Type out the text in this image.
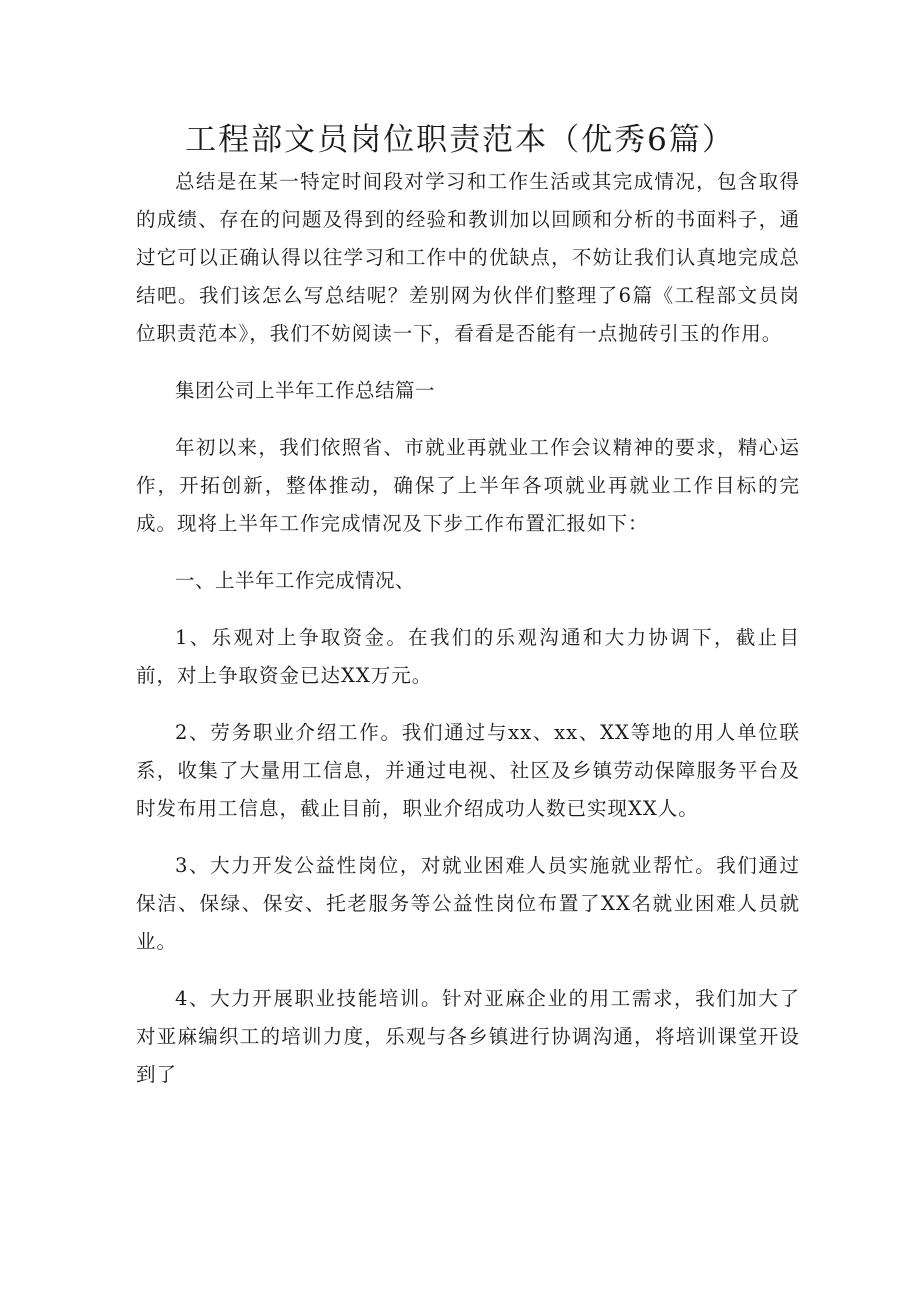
工程部文员岗位职责范本（优秀6篇）

总结是在某一特定时间段对学习和工作生活或其完成情况，包含取得的成绩、存在的问题及得到的经验和教训加以回顾和分析的书面料子，通过它可以正确认得以往学习和工作中的优缺点，不妨让我们认真地完成总结吧。我们该怎么写总结呢？差别网为伙伴们整理了6篇《工程部文员岗位职责范本》，我们不妨阅读一下，看看是否能有一点抛砖引玉的作用。

集团公司上半年工作总结篇一

年初以来，我们依照省、市就业再就业工作会议精神的要求，精心运作，开拓创新，整体推动，确保了上半年各项就业再就业工作目标的完成。现将上半年工作完成情况及下步工作布置汇报如下：

一、上半年工作完成情况、

1、乐观对上争取资金。在我们的乐观沟通和大力协调下，截止目前，对上争取资金已达XX万元。

2、劳务职业介绍工作。我们通过与xx、xx、XX等地的用人单位联系，收集了大量用工信息，并通过电视、社区及乡镇劳动保障服务平台及时发布用工信息，截止目前，职业介绍成功人数已实现XX人。

3、大力开发公益性岗位，对就业困难人员实施就业帮忙。我们通过保洁、保绿、保安、托老服务等公益性岗位布置了XX名就业困难人员就业。

4、大力开展职业技能培训。针对亚麻企业的用工需求，我们加大了对亚麻编织工的培训力度，乐观与各乡镇进行协调沟通，将培训课堂开设到了
